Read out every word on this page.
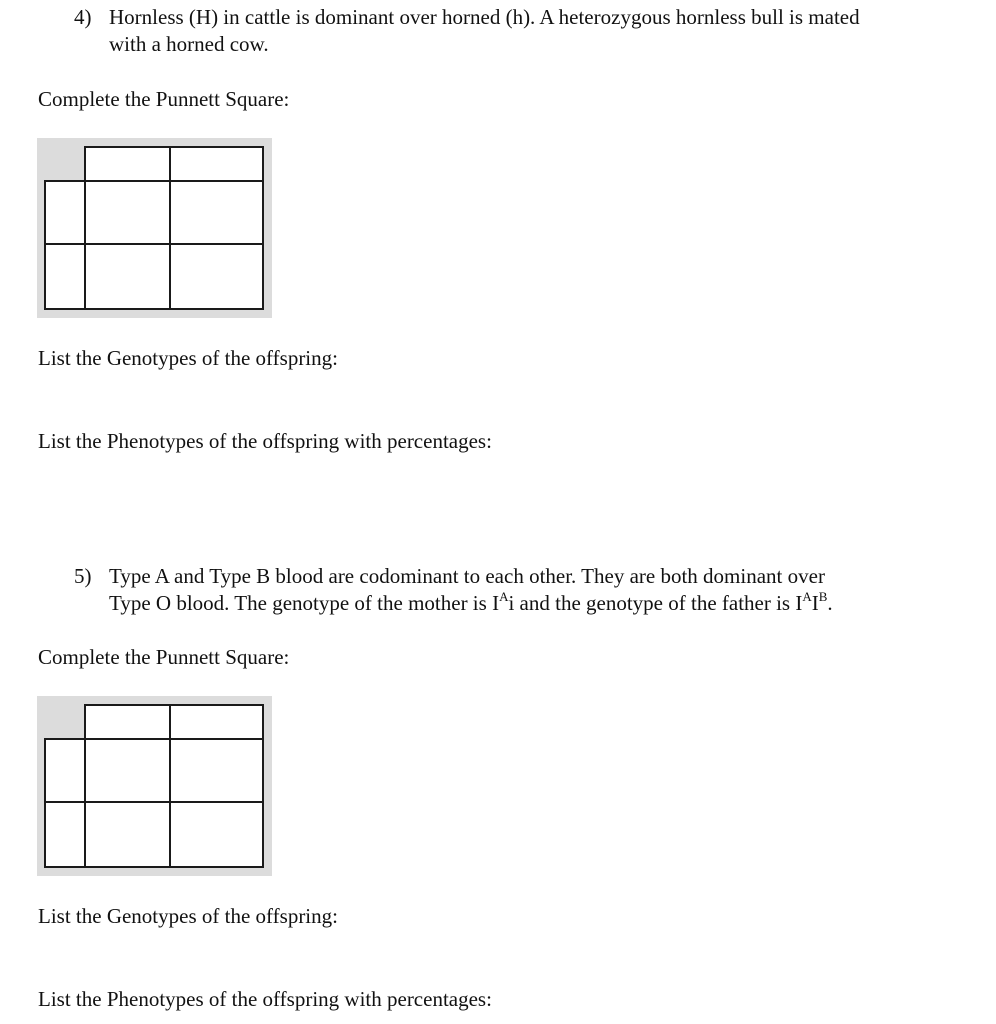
4) Hornless (H) in cattle is dominant over horned (h). A heterozygous hornless bull is mated
with a horned cow.
Complete the Punnett Square:
List the Genotypes of the offspring:
List the Phenotypes of the offspring with percentages:
5) Type A and Type B blood are codominant to each other. They are both dominant over
Type O blood. The genotype of the mother is $I^Ai$ and the genotype of the father is $I^AI^B$.
Complete the Punnett Square:
List the Genotypes of the offspring:
List the Phenotypes of the offspring with percentages:
